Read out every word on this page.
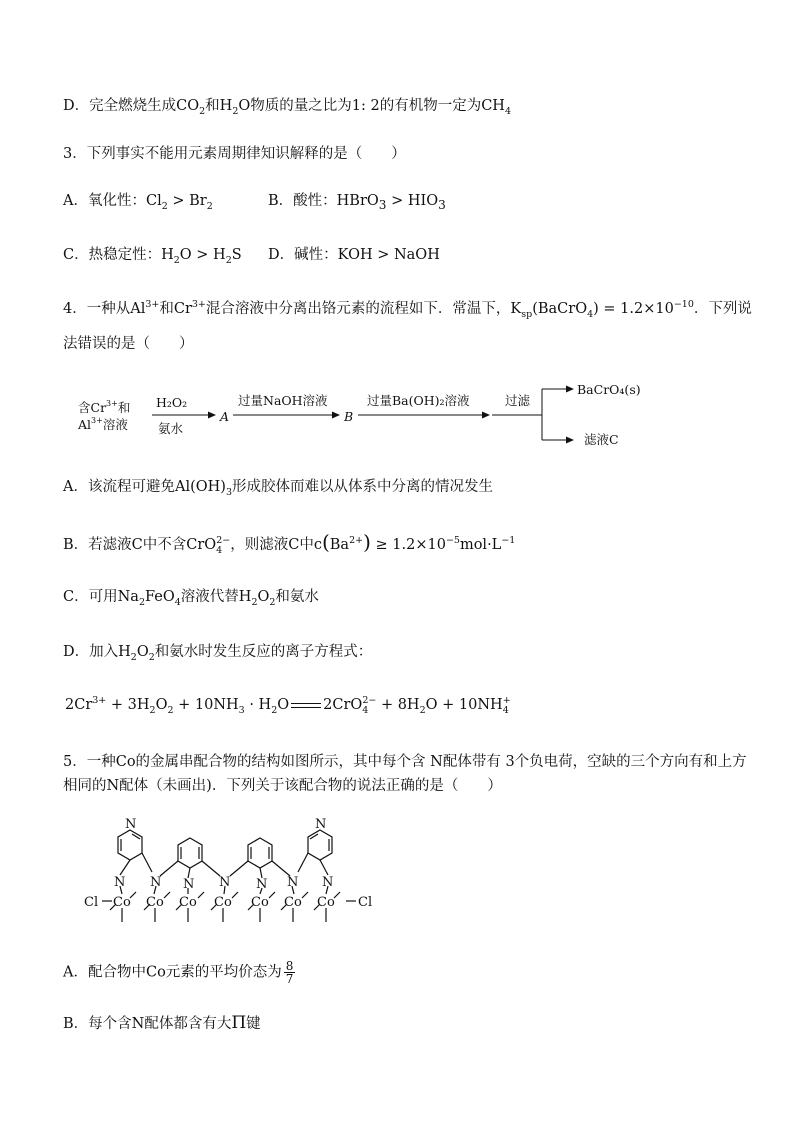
D．完全燃烧生成$CO_2$和$H_2O$物质的量之比为1: 2的有机物一定为$CH_4$
3．下列事实不能用元素周期律知识解释的是（　　）
A．氧化性：$Cl_2 > Br_2$	B．酸性：HBrO$_3$ > $HIO_3$
C．热稳定性：$H_2O > H_2S$ D．碱性：KOH > NaOH
4．一种从$Al^{3+}$和$Cr^{3+}$混合溶液中分离出铬元素的流程如下．常温下，$K_{sp}(BaCrO_4) = 1.2\times 10^{-10}$．下列说
法错误的是（　　）
含$Cr^{3+}$和
$Al^{3+}$溶液
H₂O₂
氨水
A
过量NaOH溶液
B
过量Ba(OH)₂溶液	过滤
BaCrO₄(s)
滤液C
A．该流程可避免$Al(OH)_3$形成胶体而难以从体系中分离的情况发生
B．若滤液C中不含CrO$_4^{2-}$，则滤液C中$c(Ba^{2+}) \ge 1.2\times 10^{-5}mol\cdot L^{-1}$
C．可用$Na_2FeO_4$溶液代替$H_2O_2$和氨水
D．加入$H_2O_2$和氨水时发生反应的离子方程式：
$2Cr^{3+} + 3H_2O_2 + 10NH_3 \cdot H_2O$ $2CrO_4^{2-} + 8H_2O + 10NH_4^+$
5．一种Co的金属串配合物的结构如图所示，其中每个含 N配体带有 3个负电荷，空缺的三个方向有和上方
相同的N配体（未画出)．下列关于该配合物的说法正确的是（　　）
N	N
N N N N N N N
Cl Co Co Co Co Co Co Co Cl
A．配合物中Co元素的平均价态为 $\frac{8}{7}$
B．每个含N配体都含有大Π键
